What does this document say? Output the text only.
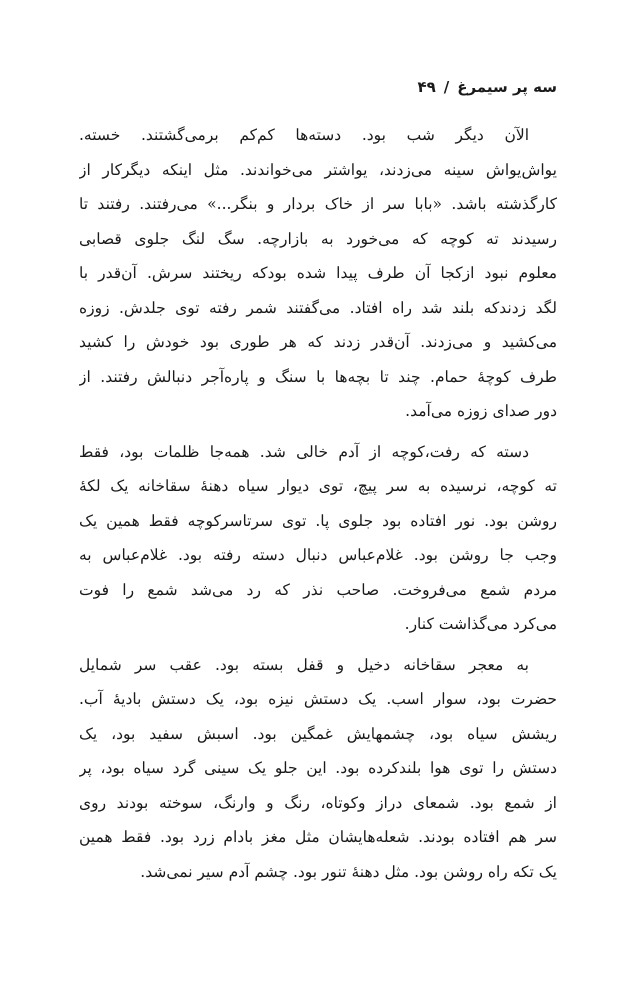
سه پر سیمرغ/۴۹
الآن دیگر شب بود. دسته‌ها کم‌کم برمی‌گشتند. خسته.
یواش‌یواش سینه می‌زدند، یواشتر می‌خواندند. مثل اینکه دیگرکار از
کارگذشته باشد. «بابا سر از خاک بردار و بنگر...» می‌رفتند. رفتند تا
رسیدند ته کوچه که می‌خورد به بازارچه. سگ لنگ جلوی قصابی
معلوم نبود ازکجا آن طرف پیدا شده بودکه ریختند سرش. آن‌قدر با
لگد زدندکه بلند شد راه افتاد. می‌گفتند شمر رفته توی جلدش. زوزه
می‌کشید و می‌زدند. آن‌قدر زدند که هر طوری بود خودش را کشید
طرف کوچهٔ حمام. چند تا بچه‌ها با سنگ و پاره‌آجر دنبالش رفتند. از
دور صدای زوزه می‌آمد.
دسته که رفت،کوچه از آدم خالی شد. همه‌جا ظلمات بود، فقط
ته کوچه، نرسیده به سر پیچ، توی دیوار سیاه دهنهٔ سقاخانه یک لکهٔ
روشن بود. نور افتاده بود جلوی پا. توی سرتاسرکوچه فقط همین یک
وجب جا روشن بود. غلام‌عباس دنبال دسته رفته بود. غلام‌عباس به
مردم شمع می‌فروخت. صاحب نذر که رد می‌شد شمع را فوت
می‌کرد می‌گذاشت کنار.
به معجر سقاخانه دخیل و قفل بسته بود. عقب سر شمایل
حضرت بود، سوار اسب. یک دستش نیزه بود، یک دستش بادیهٔ آب.
ریشش سیاه بود، چشمهایش غمگین بود. اسبش سفید بود، یک
دستش را توی هوا بلندکرده بود. این جلو یک سینی گرد سیاه بود، پر
از شمع بود. شمعای دراز وکوتاه، رنگ و وارنگ، سوخته بودند روی
سر هم افتاده بودند. شعله‌هایشان مثل مغز بادام زرد بود. فقط همین
یک تکه راه روشن بود. مثل دهنهٔ تنور بود. چشم آدم سیر نمی‌شد.
